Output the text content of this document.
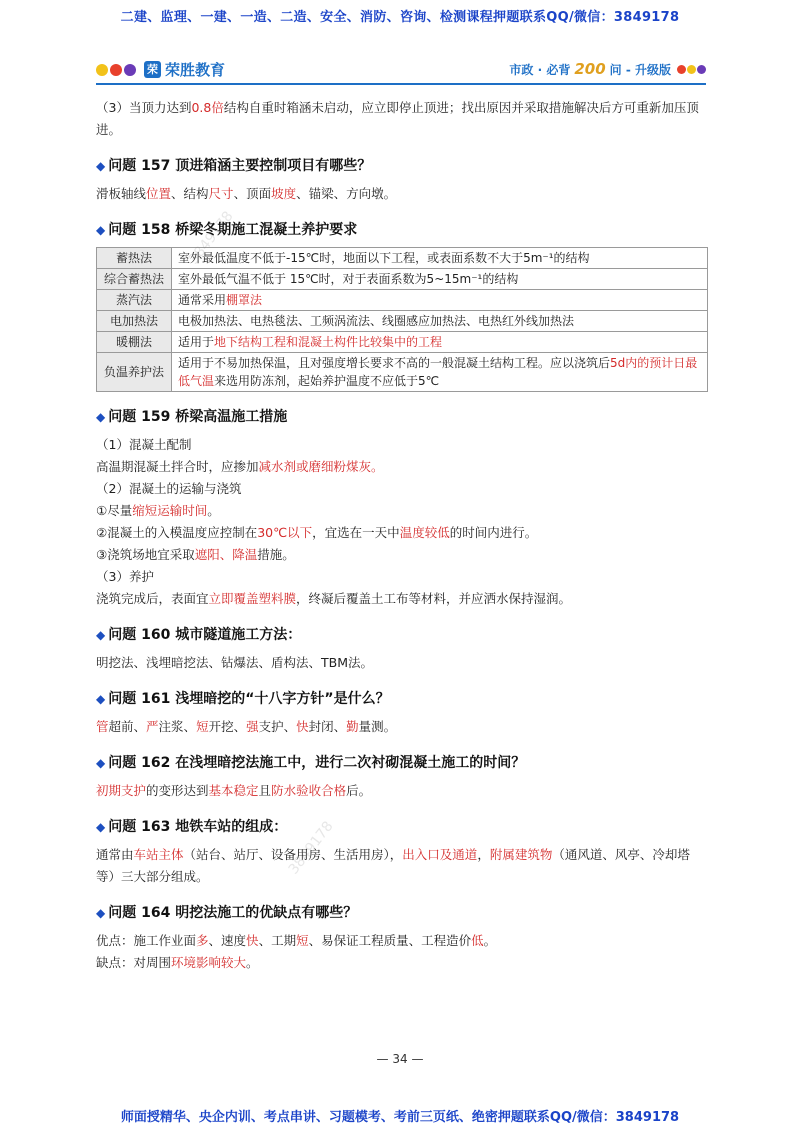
二建、监理、一建、一造、二造、安全、消防、咨询、检测课程押题联系QQ/微信：3849178
荣 荣胜教育	市政 · 必背 200 问 - 升级版

（3）当顶力达到0.8倍结构自重时箱涵未启动，应立即停止顶进；找出原因并采取措施解决后方可重新加压顶进。

◆ 问题 157 顶进箱涵主要控制项目有哪些？

滑板轴线位置、结构尺寸、顶面坡度、锚梁、方向墩。

◆ 问题 158 桥梁冬期施工混凝土养护要求
蓄热法	室外最低温度不低于-15℃时，地面以下工程，或表面系数不大于5m⁻¹的结构
综合蓄热法	室外最低气温不低于 15℃时，对于表面系数为5~15m⁻¹的结构
蒸汽法	通常采用棚罩法
电加热法	电极加热法、电热毯法、工频涡流法、线圈感应加热法、电热红外线加热法
暖棚法	适用于地下结构工程和混凝土构件比较集中的工程
负温养护法	适用于不易加热保温，且对强度增长要求不高的一般混凝土结构工程。应以浇筑后5d内的预计日最低气温来选用防冻剂，起始养护温度不应低于5℃
◆ 问题 159 桥梁高温施工措施

（1）混凝土配制

高温期混凝土拌合时，应掺加减水剂或磨细粉煤灰。

（2）混凝土的运输与浇筑

①尽量缩短运输时间。

②混凝土的入模温度应控制在30℃以下，宜选在一天中温度较低的时间内进行。

③浇筑场地宜采取遮阳、降温措施。

（3）养护

浇筑完成后，表面宜立即覆盖塑料膜，终凝后覆盖土工布等材料，并应洒水保持湿润。

◆ 问题 160 城市隧道施工方法：

明挖法、浅埋暗挖法、钻爆法、盾构法、TBM法。

◆ 问题 161 浅埋暗挖的“十八字方针”是什么？

管超前、严注浆、短开挖、强支护、快封闭、勤量测。

◆ 问题 162 在浅埋暗挖法施工中，进行二次衬砌混凝土施工的时间？

初期支护的变形达到基本稳定且防水验收合格后。

◆ 问题 163 地铁车站的组成：

通常由车站主体（站台、站厅、设备用房、生活用房），出入口及通道，附属建筑物（通风道、风亭、冷却塔等）三大部分组成。

◆ 问题 164 明挖法施工的优缺点有哪些？

优点：施工作业面多、速度快、工期短、易保证工程质量、工程造价低。

缺点：对周围环境影响较大。

3849178
3849178
— 34 —
师面授精华、央企内训、考点串讲、习题模考、考前三页纸、绝密押题联系QQ/微信：3849178
